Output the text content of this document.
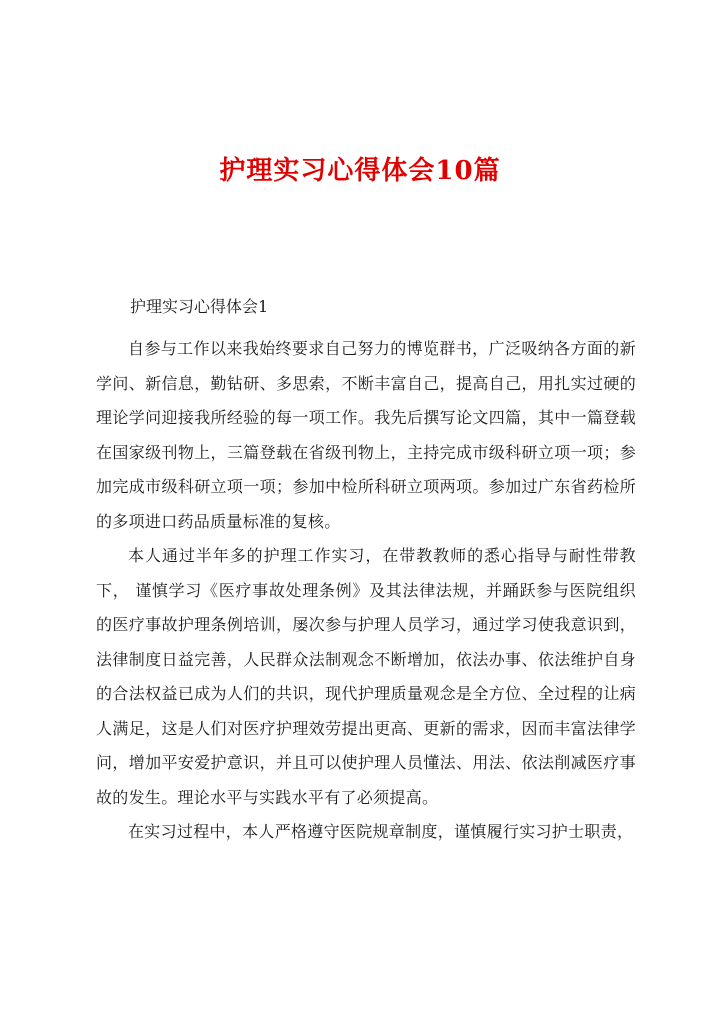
护理实习心得体会10篇

护理实习心得体会1

自参与工作以来我始终要求自己努力的博览群书，广泛吸纳各方面的新学问、新信息，勤钻研、多思索，不断丰富自己，提高自己，用扎实过硬的理论学问迎接我所经验的每一项工作。我先后撰写论文四篇，其中一篇登载在国家级刊物上，三篇登载在省级刊物上，主持完成市级科研立项一项；参加完成市级科研立项一项；参加中检所科研立项两项。参加过广东省药检所的多项进口药品质量标准的复核。

本人通过半年多的护理工作实习，在带教教师的悉心指导与耐性带教下， 谨慎学习《医疗事故处理条例》及其法律法规，并踊跃参与医院组织的医疗事故护理条例培训，屡次参与护理人员学习，通过学习使我意识到，法律制度日益完善，人民群众法制观念不断增加，依法办事、依法维护自身的合法权益已成为人们的共识，现代护理质量观念是全方位、全过程的让病人满足，这是人们对医疗护理效劳提出更高、更新的需求，因而丰富法律学问，增加平安爱护意识，并且可以使护理人员懂法、用法、依法削减医疗事故的发生。理论水平与实践水平有了必须提高。

在实习过程中，本人严格遵守医院规章制度，谨慎履行实习护士职责，
